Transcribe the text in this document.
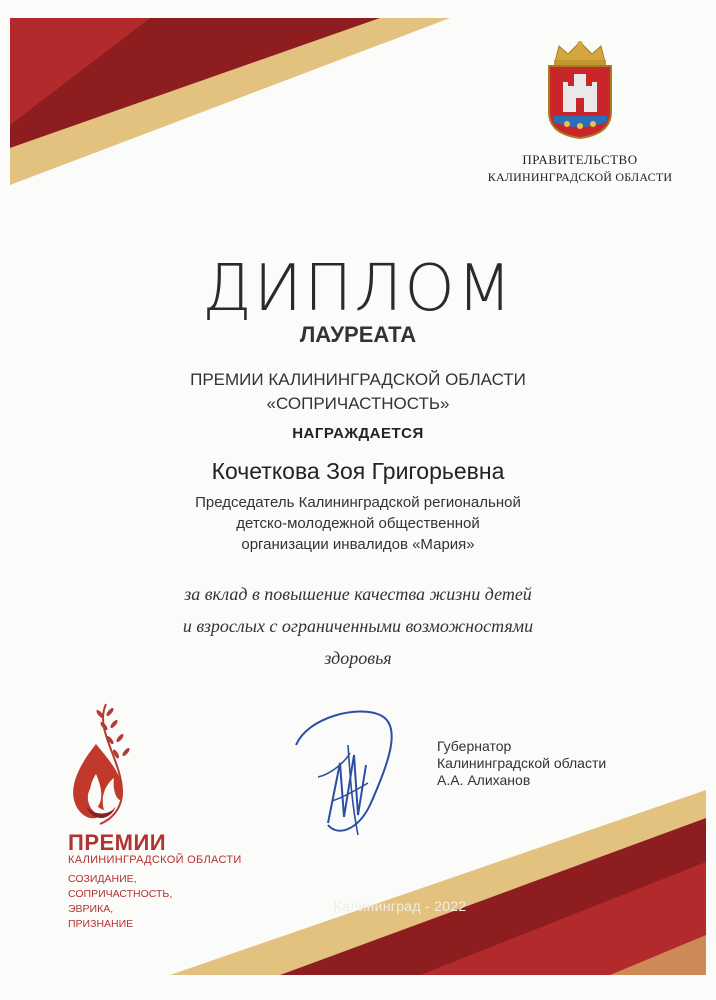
ПРАВИТЕЛЬСТВО
КАЛИНИНГРАДСКОЙ ОБЛАСТИ
ДИПЛОМ
ЛАУРЕАТА
ПРЕМИИ КАЛИНИНГРАДСКОЙ ОБЛАСТИ
«СОПРИЧАСТНОСТЬ»
НАГРАЖДАЕТСЯ
Кочеткова Зоя Григорьевна
Председатель Калининградской региональной
детско-молодежной общественной
организации инвалидов «Мария»
за вклад в повышение качества жизни детей
и взрослых с ограниченными возможностями
здоровья
Губернатор
Калининградской области
А.А. Алиханов
ПРЕМИИ
КАЛИНИНГРАДСКОЙ ОБЛАСТИ
СОЗИДАНИЕ,
СОПРИЧАСТНОСТЬ,
ЭВРИКА,
ПРИЗНАНИЕ
Калининград - 2022
